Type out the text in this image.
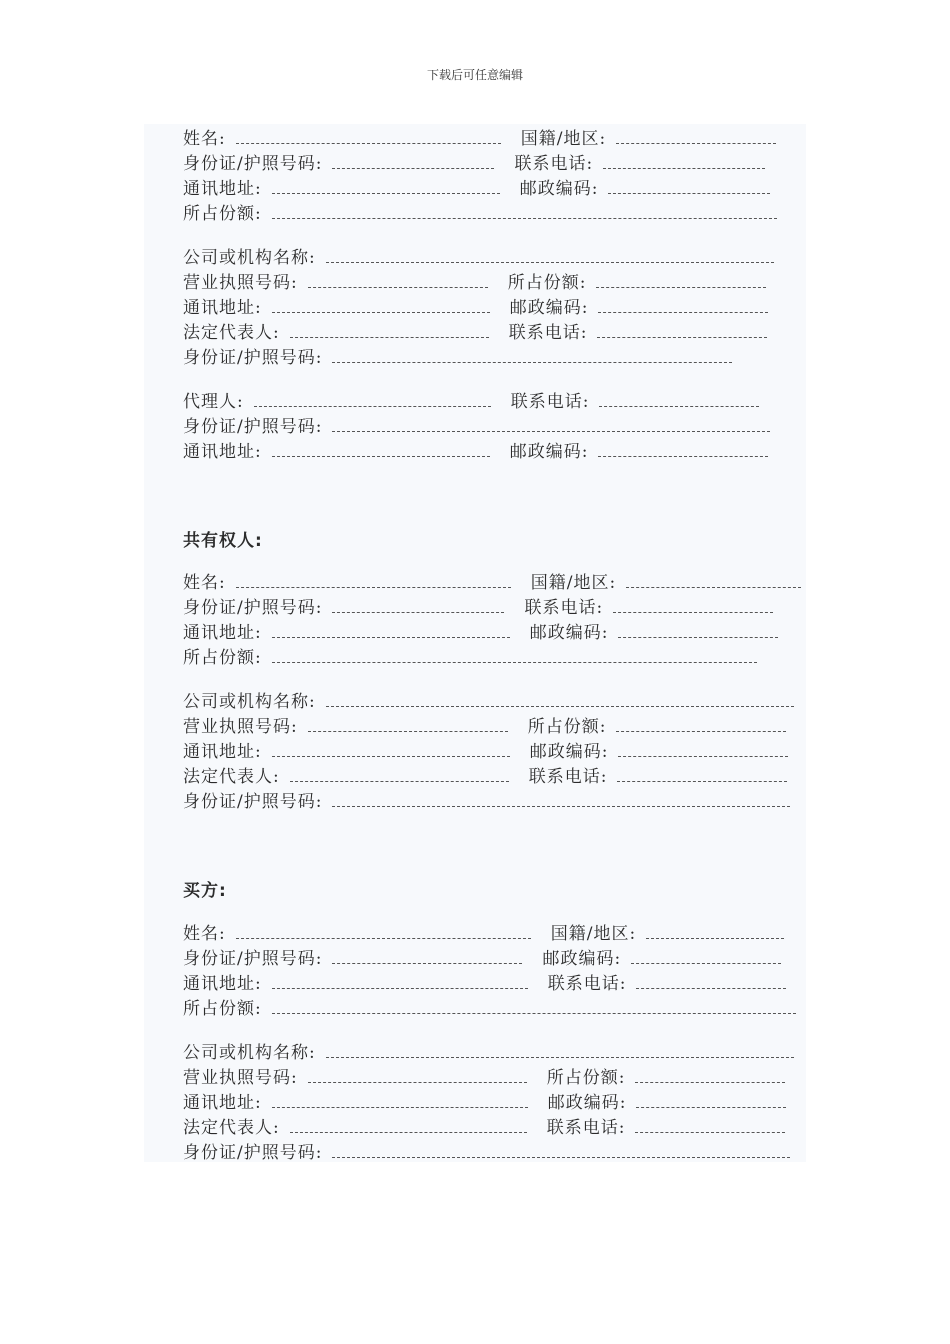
下载后可任意编辑
姓名:	国籍/地区:
身份证/护照号码:	联系电话:
通讯地址:	邮政编码:
所占份额:
公司或机构名称:
营业执照号码:	所占份额:
通讯地址:	邮政编码:
法定代表人:	联系电话:
身份证/护照号码:
代理人:	联系电话:
身份证/护照号码:
通讯地址:	邮政编码:
共有权人:
姓名:	国籍/地区:
身份证/护照号码:	联系电话:
通讯地址:	邮政编码:
所占份额:
公司或机构名称:
营业执照号码:	所占份额:
通讯地址:	邮政编码:
法定代表人:	联系电话:
身份证/护照号码:
买方:
姓名:	国籍/地区:
身份证/护照号码:	邮政编码:
通讯地址:	联系电话:
所占份额:
公司或机构名称:
营业执照号码:	所占份额:
通讯地址:	邮政编码:
法定代表人:	联系电话:
身份证/护照号码:
